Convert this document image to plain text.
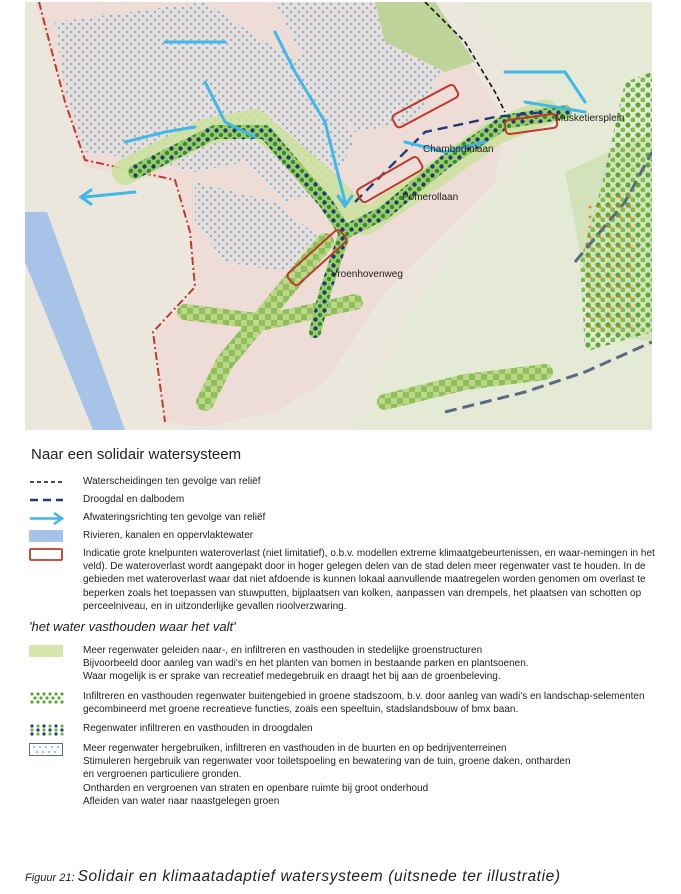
Musketiersplein
Chambertinlaan
Pomerollaan
Vroenhovenweg
Naar een solidair watersysteem
Waterscheidingen ten gevolge van reliëf
Droogdal en dalbodem
Afwateringsrichting ten gevolge van reliëf
Rivieren, kanalen en oppervlaktewater
Indicatie grote knelpunten wateroverlast (niet limitatief), o.b.v. modellen extreme klimaatgebeurtenissen, en waar-nemingen in het veld). De wateroverlast wordt aangepakt door in hoger gelegen delen van de stad delen meer regenwater vast te houden. In de gebieden met wateroverlast waar dat niet afdoende is kunnen lokaal aanvullende maatregelen worden genomen om overlast te beperken zoals het toepassen van stuwputten, bijplaatsen van kolken, aanpassen van drempels, het plaatsen van schotten op perceelniveau, en in uitzonderlijke gevallen rioolverzwaring.
'het water vasthouden waar het valt'
Meer regenwater geleiden naar-, en infiltreren en vasthouden in stedelijke groenstructuren
Bijvoorbeeld door aanleg van wadi's en het planten van bomen in bestaande parken en plantsoenen.
Waar mogelijk is er sprake van recreatief medegebruik en draagt het bij aan de groenbeleving.
Infiltreren en vasthouden regenwater buitengebied in groene stadszoom, b.v. door aanleg van wadi's en landschap-selementen gecombineerd met groene recreatieve functies, zoals een speeltuin, stadslandsbouw of bmx baan.
Regenwater infiltreren en vasthouden in droogdalen
Meer regenwater hergebruiken, infiltreren en vasthouden in de buurten en op bedrijventerreinen
Stimuleren hergebruik van regenwater voor toiletspoeling en bewatering van de tuin, groene daken, ontharden
en vergroenen particuliere gronden.
Ontharden en vergroenen van straten en openbare ruimte bij groot onderhoud
Afleiden van water naar naastgelegen groen
Figuur 21: Solidair en klimaatadaptief watersysteem (uitsnede ter illustratie)
